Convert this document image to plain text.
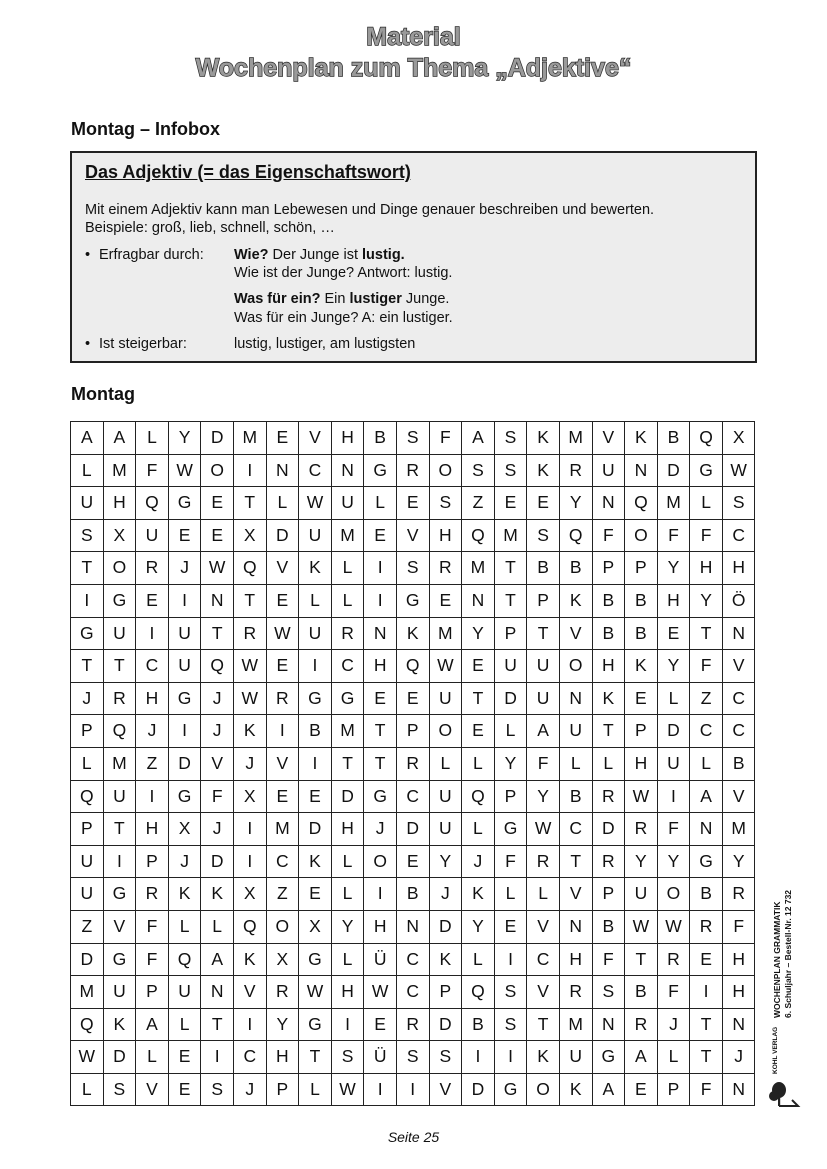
Material
Wochenplan zum Thema „Adjektive“
Montag – Infobox
Das Adjektiv (= das Eigenschaftswort)
Mit einem Adjektiv kann man Lebewesen und Dinge genauer beschreiben und bewerten.
Beispiele: groß, lieb, schnell, schön, …
• Erfragbar durch: Wie? Der Junge ist lustig.
Wie ist der Junge? Antwort: lustig.
Was für ein? Ein lustiger Junge.
Was für ein Junge? A: ein lustiger.
• Ist steigerbar:	lustig, lustiger, am lustigsten
Montag
A	A	L	Y	D	M	E	V	H	B	S	F	A	S	K	M	V	K	B	Q	X
L	M	F	W	O	I	N	C	N	G	R	O	S	S	K	R	U	N	D	G	W
U	H	Q	G	E	T	L	W	U	L	E	S	Z	E	E	Y	N	Q	M	L	S
S	X	U	E	E	X	D	U	M	E	V	H	Q	M	S	Q	F	O	F	F	C
T	O	R	J	W	Q	V	K	L	I	S	R	M	T	B	B	P	P	Y	H	H
I	G	E	I	N	T	E	L	L	I	G	E	N	T	P	K	B	B	H	Y	Ö
G	U	I	U	T	R	W	U	R	N	K	M	Y	P	T	V	B	B	E	T	N
T	T	C	U	Q	W	E	I	C	H	Q	W	E	U	U	O	H	K	Y	F	V
J	R	H	G	J	W	R	G	G	E	E	U	T	D	U	N	K	E	L	Z	C
P	Q	J	I	J	K	I	B	M	T	P	O	E	L	A	U	T	P	D	C	C
L	M	Z	D	V	J	V	I	T	T	R	L	L	Y	F	L	L	H	U	L	B
Q	U	I	G	F	X	E	E	D	G	C	U	Q	P	Y	B	R	W	I	A	V
P	T	H	X	J	I	M	D	H	J	D	U	L	G	W	C	D	R	F	N	M
U	I	P	J	D	I	C	K	L	O	E	Y	J	F	R	T	R	Y	Y	G	Y
U	G	R	K	K	X	Z	E	L	I	B	J	K	L	L	V	P	U	O	B	R
Z	V	F	L	L	Q	O	X	Y	H	N	D	Y	E	V	N	B	W	W	R	F
D	G	F	Q	A	K	X	G	L	Ü	C	K	L	I	C	H	F	T	R	E	H
M	U	P	U	N	V	R	W	H	W	C	P	Q	S	V	R	S	B	F	I	H
Q	K	A	L	T	I	Y	G	I	E	R	D	B	S	T	M	N	R	J	T	N
W	D	L	E	I	C	H	T	S	Ü	S	S	I	I	K	U	G	A	L	T	J
L	S	V	E	S	J	P	L	W	I	I	V	D	G	O	K	A	E	P	F	N
WOCHENPLAN GRAMMATIK 6. Schuljahr – Bestell-Nr. 12 732
KOHL VERLAG
Seite 25
